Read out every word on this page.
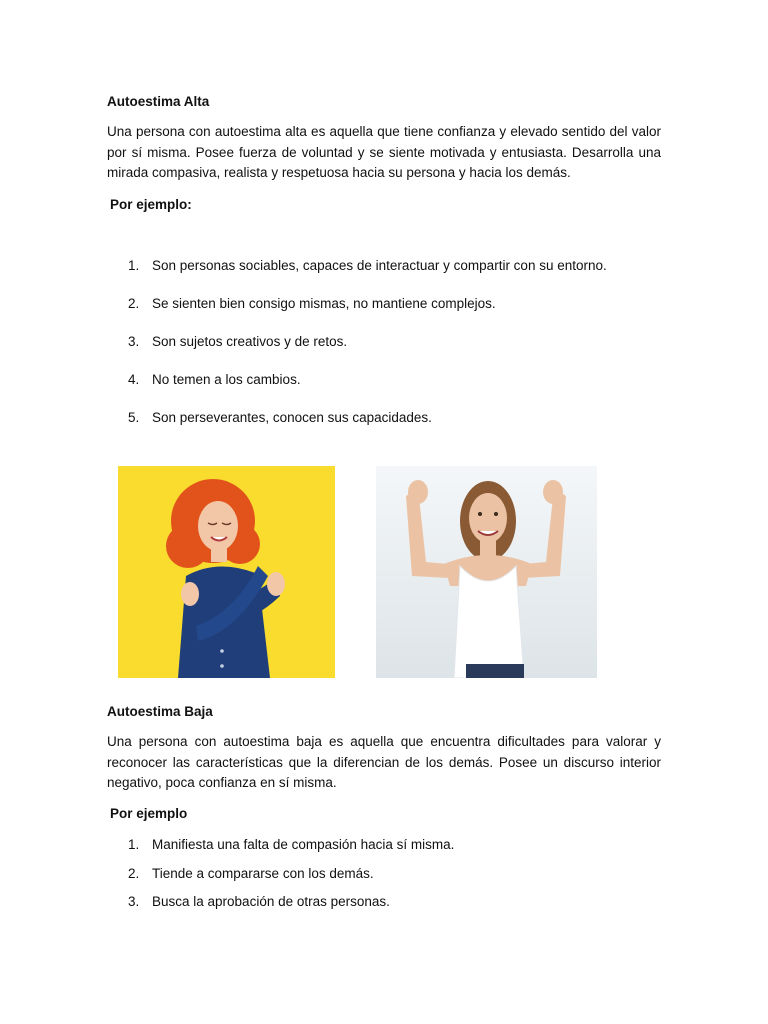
Autoestima Alta
Una persona con autoestima alta es aquella que tiene confianza y elevado sentido del valor por sí misma. Posee fuerza de voluntad y se siente motivada y entusiasta. Desarrolla una mirada compasiva, realista y respetuosa hacia su persona y hacia los demás.
Por ejemplo:
1. Son personas sociables, capaces de interactuar y compartir con su entorno.
2. Se sienten bien consigo mismas, no mantiene complejos.
3. Son sujetos creativos y de retos.
4. No temen a los cambios.
5. Son perseverantes, conocen sus capacidades.
Autoestima Baja
Una persona con autoestima baja es aquella que encuentra dificultades para valorar y reconocer las características que la diferencian de los demás. Posee un discurso interior negativo, poca confianza en sí misma.
Por ejemplo
1. Manifiesta una falta de compasión hacia sí misma.
2. Tiende a compararse con los demás.
3. Busca la aprobación de otras personas.
